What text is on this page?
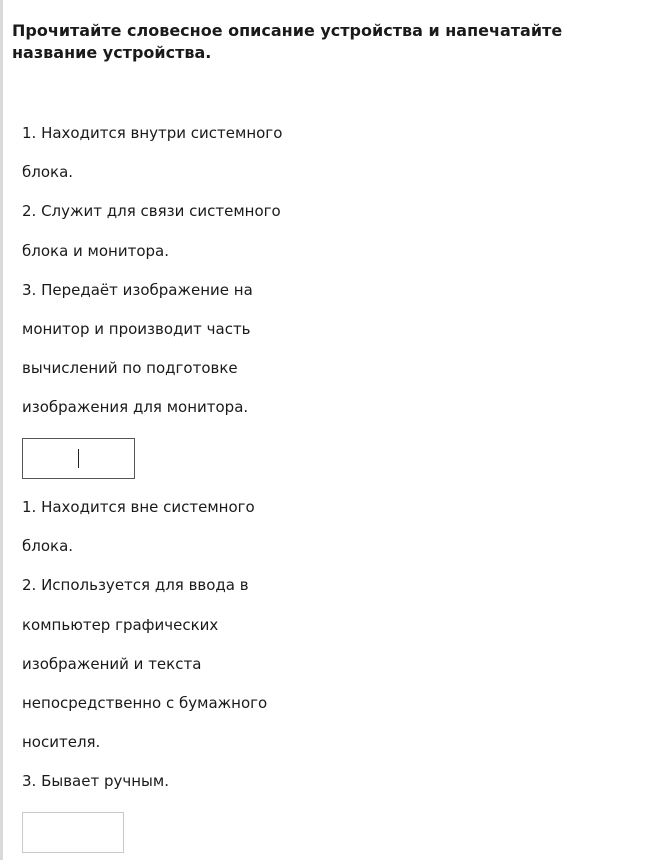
Прочитайте словесное описание устройства и напечатайте название устройства.
1. Находится внутри системного
блока.
2. Служит для связи системного
блока и монитора.
3. Передаёт изображение на
монитор и производит часть
вычислений по подготовке
изображения для монитора.
1. Находится вне системного
блока.
2. Используется для ввода в
компьютер графических
изображений и текста
непосредственно с бумажного
носителя.
3. Бывает ручным.
